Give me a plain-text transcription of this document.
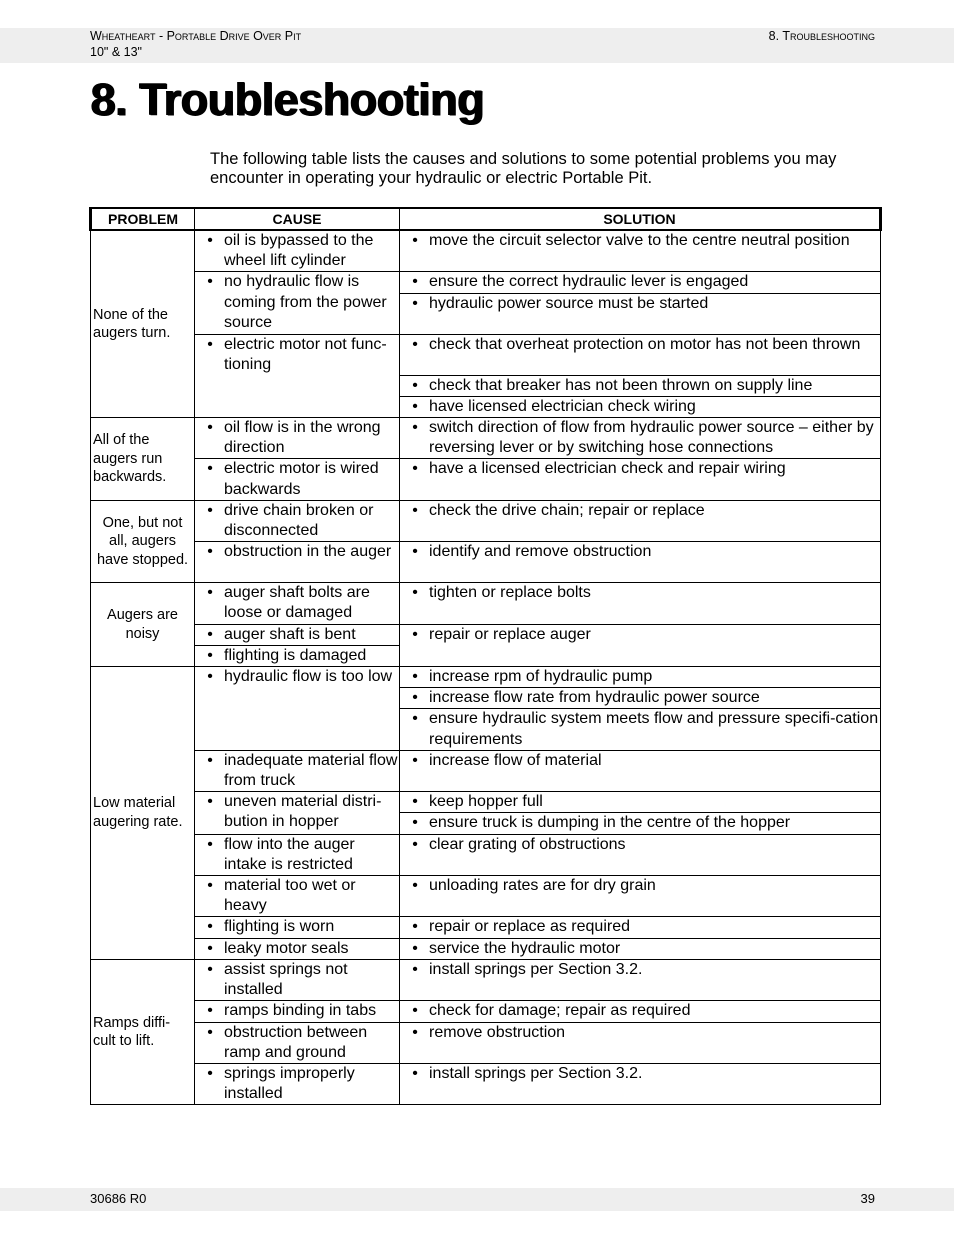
Wheatheart - Portable Drive Over Pit
10" & 13"
8. Troubleshooting
8. Troubleshooting

The following table lists the causes and solutions to some potential problems you may encounter in operating your hydraulic or electric Portable Pit.

PROBLEM	CAUSE	SOLUTION
None of the augers turn.	• oil is bypassed to the wheel lift cylinder	• move the circuit selector valve to the centre neutral position

	• no hydraulic flow is coming from the power source	• ensure the correct hydraulic lever is engaged

		• hydraulic power source must be started

	• electric motor not func-tioning	• check that overheat protection on motor has not been thrown

		• check that breaker has not been thrown on supply line

		• have licensed electrician check wiring

All of the augers run backwards.	• oil flow is in the wrong direction	• switch direction of flow from hydraulic power source – either by reversing lever or by switching hose connections

	• electric motor is wired backwards	• have a licensed electrician check and repair wiring

One, but not all, augers have stopped.	• drive chain broken or disconnected	• check the drive chain; repair or replace

	• obstruction in the auger	• identify and remove obstruction

Augers are noisy	• auger shaft bolts are loose or damaged	• tighten or replace bolts

	• auger shaft is bent	• repair or replace auger

	• flighting is damaged	

Low material augering rate.	• hydraulic flow is too low	• increase rpm of hydraulic pump

		• increase flow rate from hydraulic power source

		• ensure hydraulic system meets flow and pressure specifi-cation requirements

	• inadequate material flow from truck	• increase flow of material

	• uneven material distri-bution in hopper	• keep hopper full

		• ensure truck is dumping in the centre of the hopper

	• flow into the auger intake is restricted	• clear grating of obstructions

	• material too wet or heavy	• unloading rates are for dry grain

	• flighting is worn	• repair or replace as required

	• leaky motor seals	• service the hydraulic motor

Ramps diffi-cult to lift.	• assist springs not installed	• install springs per Section 3.2.

	• ramps binding in tabs	• check for damage; repair as required

	• obstruction between ramp and ground	• remove obstruction

	• springs improperly installed	• install springs per Section 3.2.
30686 R0	39
